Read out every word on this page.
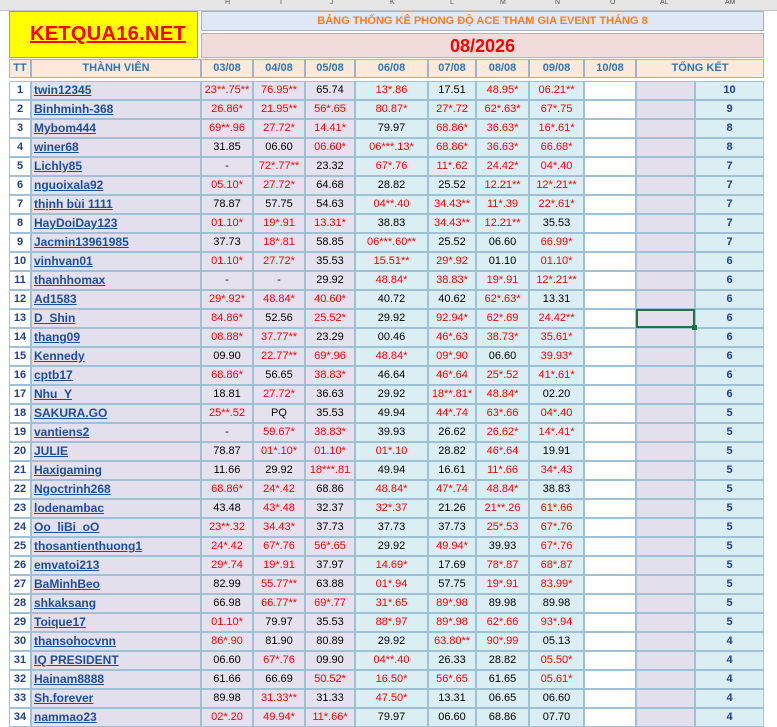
H	I	J	K	L	M	N	O	AL	AM
KETQUA16.NET
BẢNG THỐNG KÊ PHONG ĐỘ ACE THAM GIA EVENT THÁNG 8
08/2026
TT	THÀNH VIÊN	03/08	04/08	05/08	06/08	07/08	08/08	09/08	10/08	TỔNG KẾT
1 twin12345	23**.75**	76.95**	65.74	13*.86	17.51	48.95*	06.21**	10
2 Binhminh-368	26.86*	21.95**	56*.65	80.87*	27*.72	62*.63*	67*.75	9
3 Mybom444	69**.96	27.72*	14.41*	79.97	68.86*	36.63*	16*.61*	8
4 winer68	31.85	06.60	06.60*	06***.13*	68.86*	36.63*	66.68*	8
5 Lichly85	-	72*.77**	23.32	67*.76	11*.62	24.42*	04*.40	7
6 nguoixala92	05.10*	27.72*	64.68	28.82	25.52	12.21**	12*.21**	7
7 thịnh bùi 1111	78.87	57.75	54.63	04**.40	34.43**	11*.39	22*.61*	7
8 HayDoiDay123	01.10*	19*.91	13.31*	38.83	34.43**	12.21**	35.53	7
9 Jacmin13961985	37.73	18*.81	58.85	06***.60**	25.52	06.60	66.99*	7
10 vinhvan01	01.10*	27.72*	35.53	15.51**	29*.92	01.10	01.10*	6
11 thanhhomax	-	-	29.92	48.84*	38.83*	19*.91	12*.21**	6
12 Ad1583	29*.92*	48.84*	40.60*	40.72	40.62	62*.63*	13.31	6
13 D_Shin	84.86*	52.56	25.52*	29.92	92.94*	62*.69	24.42**	6
14 thang09	08.88*	37.77**	23.29	00.46	46*.63	38.73*	35.61*	6
15 Kennedy	09.90	22.77**	69*.96	48.84*	09*.90	06.60	39.93*	6
16 cptb17	68.86*	56.65	38.83*	46.64	46*.64	25*.52	41*.61*	6
17 Nhu_Y	18.81	27.72*	36.63	29.92	18**.81*	48.84*	02.20	6
18 SAKURA.GO	25**.52	PQ	35.53	49.94	44*.74	63*.66	04*.40	5
19 vantiens2	-	59.67*	38.83*	39.93	26.62	26.62*	14*.41*	5
20 JULIE	78.87	01*.10*	01.10*	01*.10	28.82	46*.64	19.91	5
21 Haxigaming	11.66	29.92	18***.81	49.94	16.61	11*.66	34*.43	5
22 Ngoctrinh268	68.86*	24*.42	68.86	48.84*	47*.74	48.84*	38.83	5
23 lodenambac	43.48	43*.48	32.37	32*.37	21.26	21**.26	61*.66	5
24 Oo_liBi_oO	23**.32	34.43*	37.73	37.73	37.73	25*.53	67*.76	5
25 thosantienthuong1	24*.42	67*.76	56*.65	29.92	49.94*	39.93	67*.76	5
26 emvatoi213	29*.74	19*.91	37.97	14.69*	17.69	78*.87	68*.87	5
27 BaMinhBeo	82.99	55.77**	63.88	01*.94	57.75	19*.91	83.99*	5
28 shkaksang	66.98	66.77**	69*.77	31*.65	89*.98	89.98	89.98	5
29 Toique17	01.10*	79.97	35.53	88*.97	89*.98	62*.66	93*.94	5
30 thansohocvnn	86*.90	81.90	80.89	29.92	63.80**	90*.99	05.13	4
31 IQ PRESIDENT	06.60	67*.76	09.90	04**.40	26.33	28.82	05.50*	4
32 Hainam8888	61.66	66.69	50.52*	16.50*	56*.65	61.65	05.61*	4
33 Sh.forever	89.98	31.33**	31.33	47.50*	13.31	06.65	06.60	4
34 nammao23	02*.20	49.94*	11*.66*	79.97	06.60	68.86	07.70	4
